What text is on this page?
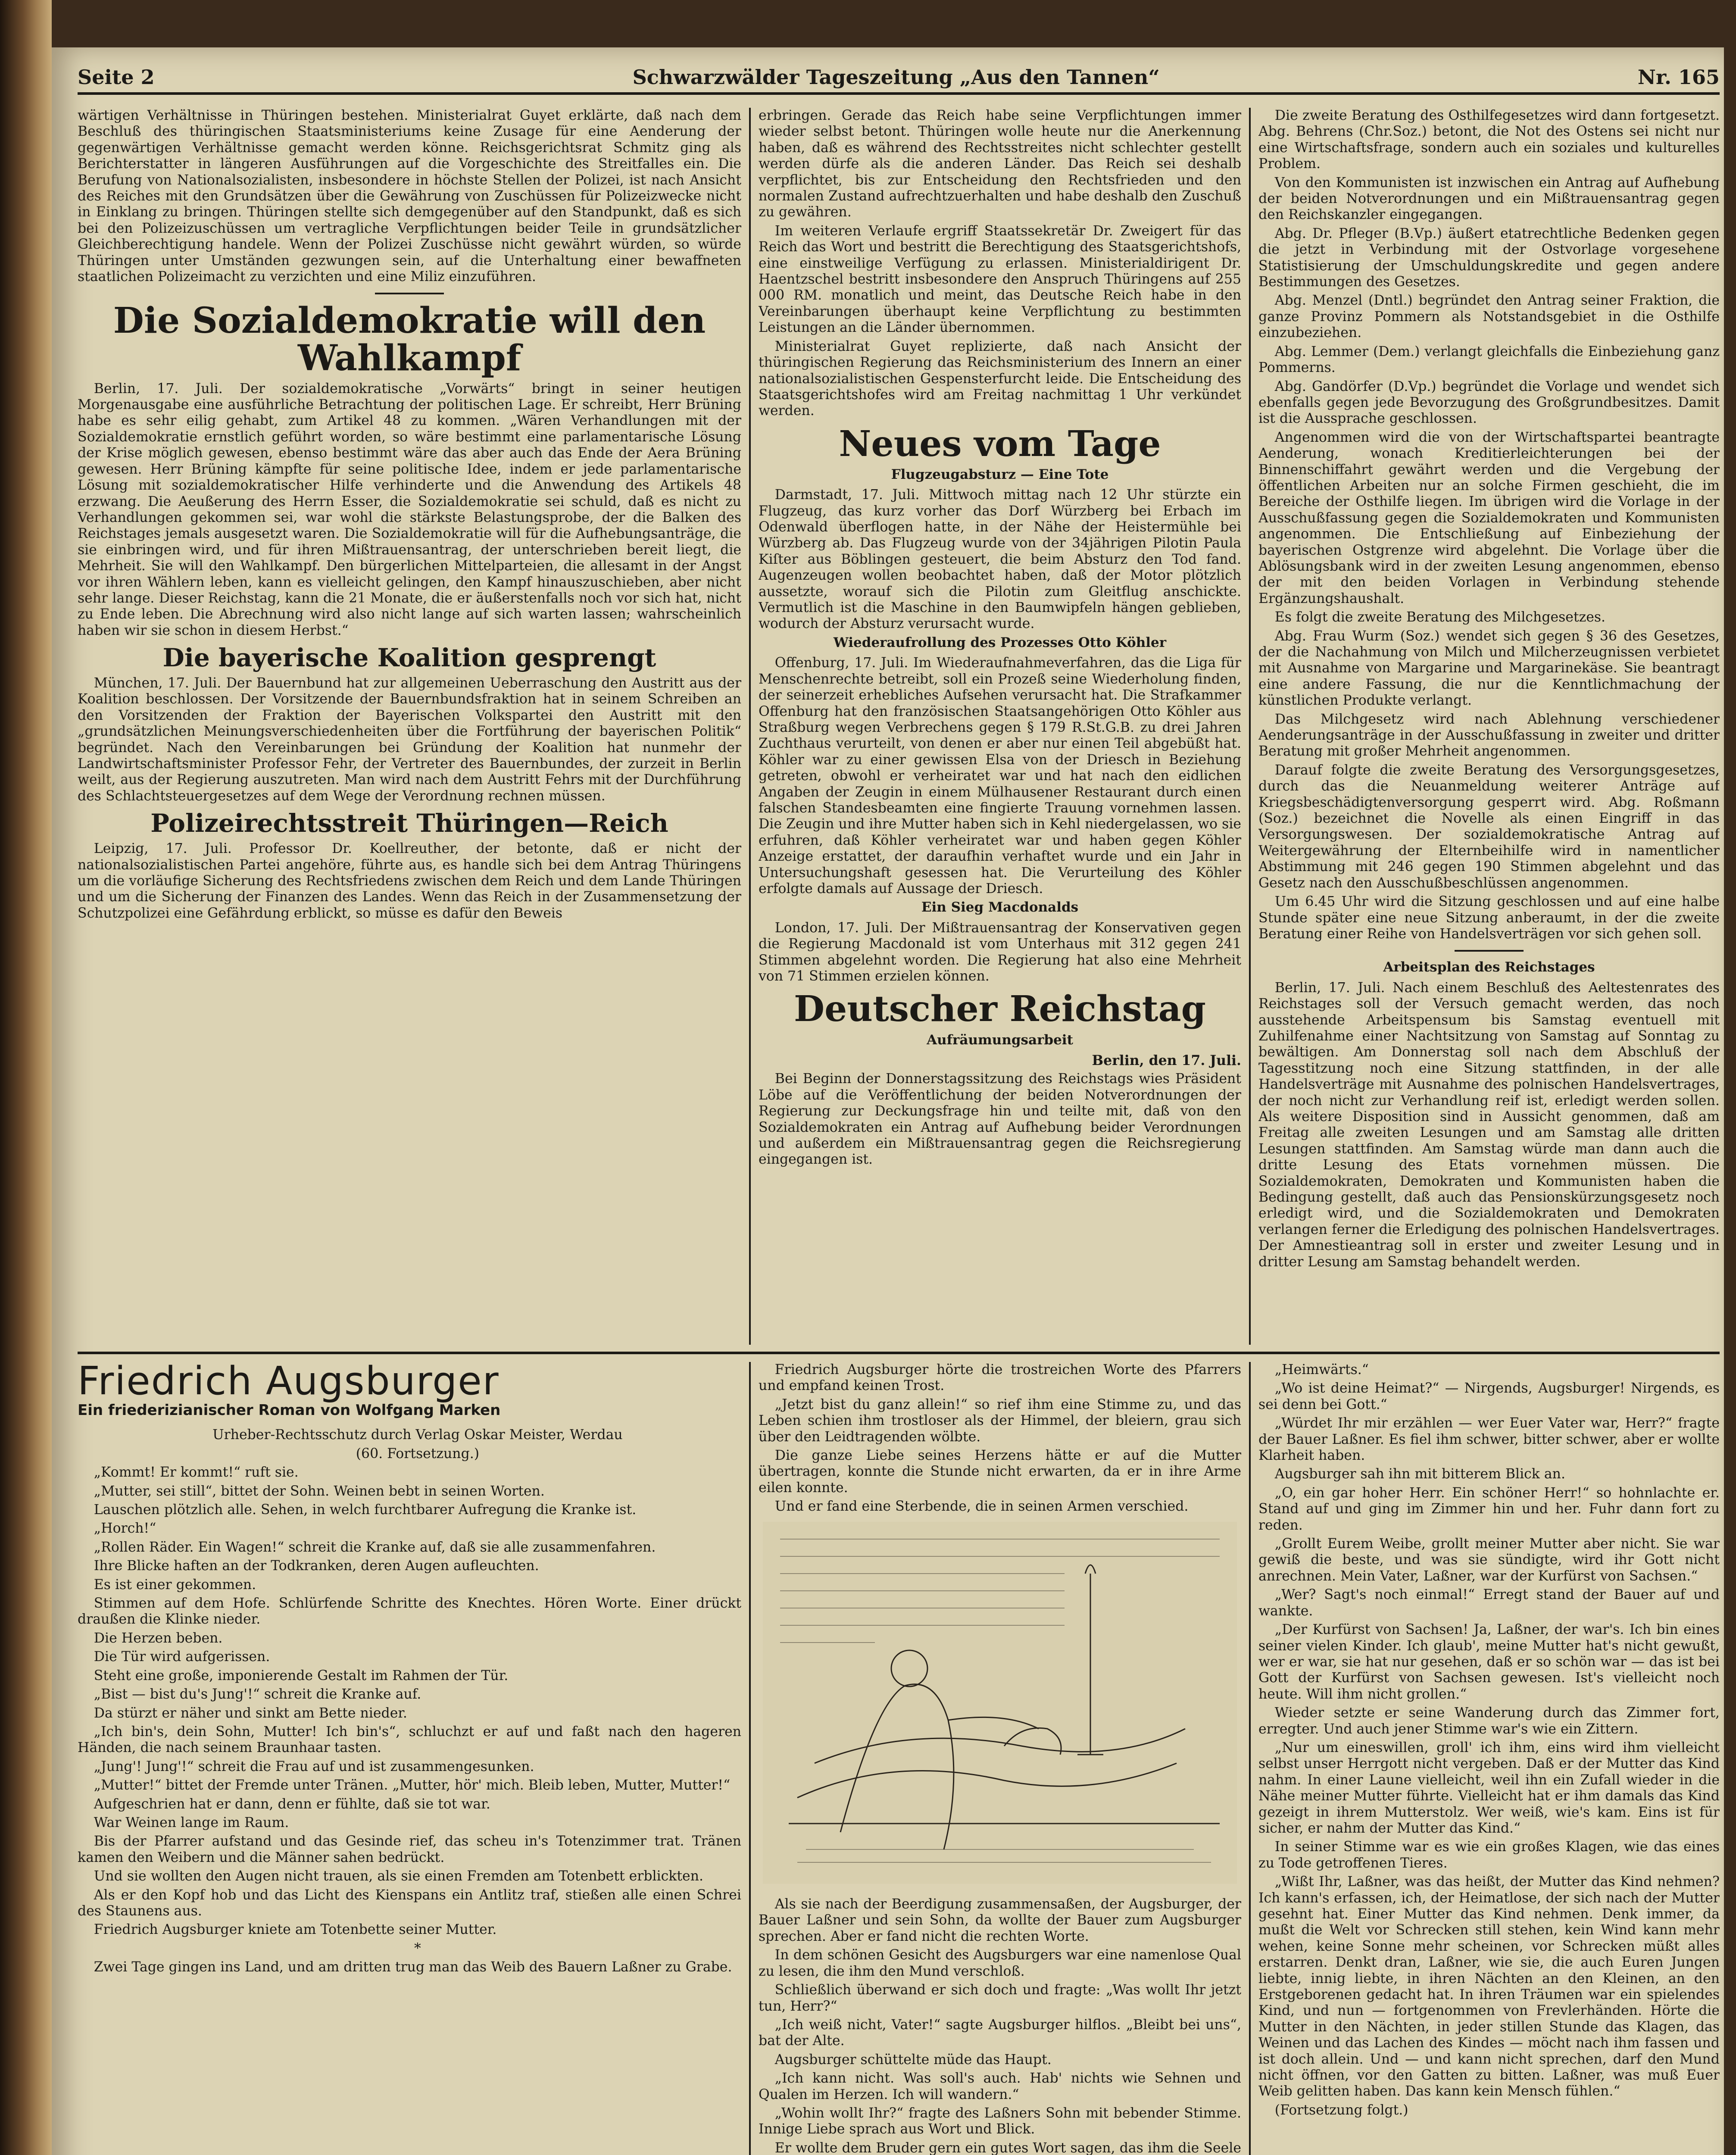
Seite 2	Schwarzwälder Tageszeitung „Aus den Tannen“	Nr. 165

wärtigen Verhältnisse in Thüringen bestehen. Ministerialrat Guyet erklärte, daß nach dem Beschluß des thüringischen Staatsministeriums keine Zusage für eine Aenderung der gegenwärtigen Verhältnisse gemacht werden könne. Reichsgerichtsrat Schmitz ging als Berichterstatter in längeren Ausführungen auf die Vorgeschichte des Streitfalles ein. Die Berufung von Nationalsozialisten, insbesondere in höchste Stellen der Polizei, ist nach Ansicht des Reiches mit den Grundsätzen über die Gewährung von Zuschüssen für Polizeizwecke nicht in Einklang zu bringen. Thüringen stellte sich demgegenüber auf den Standpunkt, daß es sich bei den Polizeizuschüssen um vertragliche Verpflichtungen beider Teile in grundsätzlicher Gleichberechtigung handele. Wenn der Polizei Zuschüsse nicht gewährt würden, so würde Thüringen unter Umständen gezwungen sein, auf die Unterhaltung einer bewaffneten staatlichen Polizeimacht zu verzichten und eine Miliz einzuführen.

Die Sozialdemokratie will den Wahlkampf

Berlin, 17. Juli. Der sozialdemokratische „Vorwärts“ bringt in seiner heutigen Morgenausgabe eine ausführliche Betrachtung der politischen Lage. Er schreibt, Herr Brüning habe es sehr eilig gehabt, zum Artikel 48 zu kommen. „Wären Verhandlungen mit der Sozialdemokratie ernstlich geführt worden, so wäre bestimmt eine parlamentarische Lösung der Krise möglich gewesen, ebenso bestimmt wäre das aber auch das Ende der Aera Brüning gewesen. Herr Brüning kämpfte für seine politische Idee, indem er jede parlamentarische Lösung mit sozialdemokratischer Hilfe verhinderte und die Anwendung des Artikels 48 erzwang. Die Aeußerung des Herrn Esser, die Sozialdemokratie sei schuld, daß es nicht zu Verhandlungen gekommen sei, war wohl die stärkste Belastungsprobe, der die Balken des Reichstages jemals ausgesetzt waren. Die Sozialdemokratie will für die Aufhebungsanträge, die sie einbringen wird, und für ihren Mißtrauensantrag, der unterschrieben bereit liegt, die Mehrheit. Sie will den Wahlkampf. Den bürgerlichen Mittelparteien, die allesamt in der Angst vor ihren Wählern leben, kann es vielleicht gelingen, den Kampf hinauszuschieben, aber nicht sehr lange. Dieser Reichstag, kann die 21 Monate, die er äußerstenfalls noch vor sich hat, nicht zu Ende leben. Die Abrechnung wird also nicht lange auf sich warten lassen; wahrscheinlich haben wir sie schon in diesem Herbst.“

Die bayerische Koalition gesprengt

München, 17. Juli. Der Bauernbund hat zur allgemeinen Ueberraschung den Austritt aus der Koalition beschlossen. Der Vorsitzende der Bauernbundsfraktion hat in seinem Schreiben an den Vorsitzenden der Fraktion der Bayerischen Volkspartei den Austritt mit den „grundsätzlichen Meinungsverschiedenheiten über die Fortführung der bayerischen Politik“ begründet. Nach den Vereinbarungen bei Gründung der Koalition hat nunmehr der Landwirtschaftsminister Professor Fehr, der Vertreter des Bauernbundes, der zurzeit in Berlin weilt, aus der Regierung auszutreten. Man wird nach dem Austritt Fehrs mit der Durchführung des Schlachtsteuergesetzes auf dem Wege der Verordnung rechnen müssen.

Polizeirechtsstreit Thüringen—Reich

Leipzig, 17. Juli. Professor Dr. Koellreuther, der betonte, daß er nicht der nationalsozialistischen Partei angehöre, führte aus, es handle sich bei dem Antrag Thüringens um die vorläufige Sicherung des Rechtsfriedens zwischen dem Reich und dem Lande Thüringen und um die Sicherung der Finanzen des Landes. Wenn das Reich in der Zusammensetzung der Schutzpolizei eine Gefährdung erblickt, so müsse es dafür den Beweis

erbringen. Gerade das Reich habe seine Verpflichtungen immer wieder selbst betont. Thüringen wolle heute nur die Anerkennung haben, daß es während des Rechtsstreites nicht schlechter gestellt werden dürfe als die anderen Länder. Das Reich sei deshalb verpflichtet, bis zur Entscheidung den Rechtsfrieden und den normalen Zustand aufrechtzuerhalten und habe deshalb den Zuschuß zu gewähren.

Im weiteren Verlaufe ergriff Staatssekretär Dr. Zweigert für das Reich das Wort und bestritt die Berechtigung des Staatsgerichtshofs, eine einstweilige Verfügung zu erlassen. Ministerialdirigent Dr. Haentzschel bestritt insbesondere den Anspruch Thüringens auf 255 000 RM. monatlich und meint, das Deutsche Reich habe in den Vereinbarungen überhaupt keine Verpflichtung zu bestimmten Leistungen an die Länder übernommen.

Ministerialrat Guyet replizierte, daß nach Ansicht der thüringischen Regierung das Reichsministerium des Innern an einer nationalsozialistischen Gespensterfurcht leide. Die Entscheidung des Staatsgerichtshofes wird am Freitag nachmittag 1 Uhr verkündet werden.

Neues vom Tage
Flugzeugabsturz — Eine Tote

Darmstadt, 17. Juli. Mittwoch mittag nach 12 Uhr stürzte ein Flugzeug, das kurz vorher das Dorf Würzberg bei Erbach im Odenwald überflogen hatte, in der Nähe der Heistermühle bei Würzberg ab. Das Flugzeug wurde von der 34jährigen Pilotin Paula Kiſter aus Böblingen gesteuert, die beim Absturz den Tod fand. Augenzeugen wollen beobachtet haben, daß der Motor plötzlich aussetzte, worauf sich die Pilotin zum Gleitflug anschickte. Vermutlich ist die Maschine in den Baumwipfeln hängen geblieben, wodurch der Absturz verursacht wurde.

Wiederaufrollung des Prozesses Otto Köhler

Offenburg, 17. Juli. Im Wiederaufnahmeverfahren, das die Liga für Menschenrechte betreibt, soll ein Prozeß seine Wiederholung finden, der seinerzeit erhebliches Aufsehen verursacht hat. Die Strafkammer Offenburg hat den französischen Staatsangehörigen Otto Köhler aus Straßburg wegen Verbrechens gegen § 179 R.St.G.B. zu drei Jahren Zuchthaus verurteilt, von denen er aber nur einen Teil abgebüßt hat. Köhler war zu einer gewissen Elsa von der Driesch in Beziehung getreten, obwohl er verheiratet war und hat nach den eidlichen Angaben der Zeugin in einem Mülhausener Restaurant durch einen falschen Standesbeamten eine fingierte Trauung vornehmen lassen. Die Zeugin und ihre Mutter haben sich in Kehl niedergelassen, wo sie erfuhren, daß Köhler verheiratet war und haben gegen Köhler Anzeige erstattet, der daraufhin verhaftet wurde und ein Jahr in Untersuchungshaft gesessen hat. Die Verurteilung des Köhler erfolgte damals auf Aussage der Driesch.

Ein Sieg Macdonalds

London, 17. Juli. Der Mißtrauensantrag der Konservativen gegen die Regierung Macdonald ist vom Unterhaus mit 312 gegen 241 Stimmen abgelehnt worden. Die Regierung hat also eine Mehrheit von 71 Stimmen erzielen können.

Deutscher Reichstag
Aufräumungsarbeit

Berlin, den 17. Juli.

Bei Beginn der Donnerstagssitzung des Reichstags wies Präsident Löbe auf die Veröffentlichung der beiden Notverordnungen der Regierung zur Deckungsfrage hin und teilte mit, daß von den Sozialdemokraten ein Antrag auf Aufhebung beider Verordnungen und außerdem ein Mißtrauensantrag gegen die Reichsregierung eingegangen ist.

Die zweite Beratung des Osthilfegesetzes wird dann fortgesetzt. Abg. Behrens (Chr.Soz.) betont, die Not des Ostens sei nicht nur eine Wirtschaftsfrage, sondern auch ein soziales und kulturelles Problem.

Von den Kommunisten ist inzwischen ein Antrag auf Aufhebung der beiden Notverordnungen und ein Mißtrauensantrag gegen den Reichskanzler eingegangen.

Abg. Dr. Pfleger (B.Vp.) äußert etatrechtliche Bedenken gegen die jetzt in Verbindung mit der Ostvorlage vorgesehene Statistisierung der Umschuldungskredite und gegen andere Bestimmungen des Gesetzes.

Abg. Menzel (Dntl.) begründet den Antrag seiner Fraktion, die ganze Provinz Pommern als Notstandsgebiet in die Osthilfe einzubeziehen.

Abg. Lemmer (Dem.) verlangt gleichfalls die Einbeziehung ganz Pommerns.

Abg. Gandörfer (D.Vp.) begründet die Vorlage und wendet sich ebenfalls gegen jede Bevorzugung des Großgrundbesitzes. Damit ist die Aussprache geschlossen.

Angenommen wird die von der Wirtschaftspartei beantragte Aenderung, wonach Kreditierleichterungen bei der Binnenschiffahrt gewährt werden und die Vergebung der öffentlichen Arbeiten nur an solche Firmen geschieht, die im Bereiche der Osthilfe liegen. Im übrigen wird die Vorlage in der Ausschußfassung gegen die Sozialdemokraten und Kommunisten angenommen. Die Entschließung auf Einbeziehung der bayerischen Ostgrenze wird abgelehnt. Die Vorlage über die Ablösungsbank wird in der zweiten Lesung angenommen, ebenso der mit den beiden Vorlagen in Verbindung stehende Ergänzungshaushalt.

Es folgt die zweite Beratung des Milchgesetzes.

Abg. Frau Wurm (Soz.) wendet sich gegen § 36 des Gesetzes, der die Nachahmung von Milch und Milcherzeugnissen verbietet mit Ausnahme von Margarine und Margarinekäse. Sie beantragt eine andere Fassung, die nur die Kenntlichmachung der künstlichen Produkte verlangt.

Das Milchgesetz wird nach Ablehnung verschiedener Aenderungsanträge in der Ausschußfassung in zweiter und dritter Beratung mit großer Mehrheit angenommen.

Darauf folgte die zweite Beratung des Versorgungsgesetzes, durch das die Neuanmeldung weiterer Anträge auf Kriegsbeschädigtenversorgung gesperrt wird. Abg. Roßmann (Soz.) bezeichnet die Novelle als einen Eingriff in das Versorgungswesen. Der sozialdemokratische Antrag auf Weitergewährung der Elternbeihilfe wird in namentlicher Abstimmung mit 246 gegen 190 Stimmen abgelehnt und das Gesetz nach den Ausschußbeschlüssen angenommen.

Um 6.45 Uhr wird die Sitzung geschlossen und auf eine halbe Stunde später eine neue Sitzung anberaumt, in der die zweite Beratung einer Reihe von Handelsverträgen vor sich gehen soll.

Arbeitsplan des Reichstages

Berlin, 17. Juli. Nach einem Beschluß des Aeltestenrates des Reichstages soll der Versuch gemacht werden, das noch ausstehende Arbeitspensum bis Samstag eventuell mit Zuhilfenahme einer Nachtsitzung von Samstag auf Sonntag zu bewältigen. Am Donnerstag soll nach dem Abschluß der Tagesstitzung noch eine Sitzung stattfinden, in der alle Handelsverträge mit Ausnahme des polnischen Handelsvertrages, der noch nicht zur Verhandlung reif ist, erledigt werden sollen. Als weitere Disposition sind in Aussicht genommen, daß am Freitag alle zweiten Lesungen und am Samstag alle dritten Lesungen stattfinden. Am Samstag würde man dann auch die dritte Lesung des Etats vornehmen müssen. Die Sozialdemokraten, Demokraten und Kommunisten haben die Bedingung gestellt, daß auch das Pensionskürzungsgesetz noch erledigt wird, und die Sozialdemokraten und Demokraten verlangen ferner die Erledigung des polnischen Handelsvertrages. Der Amnestieantrag soll in erster und zweiter Lesung und in dritter Lesung am Samstag behandelt werden.

Friedrich Augsburger
Ein friederizianischer Roman von Wolfgang Marken

Urheber-Rechtsschutz durch Verlag Oskar Meister, Werdau

(60. Fortsetzung.)

„Kommt! Er kommt!“ ruft sie.

„Mutter, sei still“, bittet der Sohn. Weinen bebt in seinen Worten.

Lauschen plötzlich alle. Sehen, in welch furchtbarer Aufregung die Kranke ist.

„Horch!“

„Rollen Räder. Ein Wagen!“ schreit die Kranke auf, daß sie alle zusammenfahren.

Ihre Blicke haften an der Todkranken, deren Augen aufleuchten.

Es ist einer gekommen.

Stimmen auf dem Hofe. Schlürfende Schritte des Knechtes. Hören Worte. Einer drückt draußen die Klinke nieder.

Die Herzen beben.

Die Tür wird aufgerissen.

Steht eine große, imponierende Gestalt im Rahmen der Tür.

„Bist — bist du's Jung'!“ schreit die Kranke auf.

Da stürzt er näher und sinkt am Bette nieder.

„Ich bin's, dein Sohn, Mutter! Ich bin's“, schluchzt er auf und faßt nach den hageren Händen, die nach seinem Braunhaar tasten.

„Jung'! Jung'!“ schreit die Frau auf und ist zusammengesunken.

„Mutter!“ bittet der Fremde unter Tränen. „Mutter, hör' mich. Bleib leben, Mutter, Mutter!“

Aufgeschrien hat er dann, denn er fühlte, daß sie tot war.

War Weinen lange im Raum.

Bis der Pfarrer aufstand und das Gesinde rief, das scheu in's Totenzimmer trat. Tränen kamen den Weibern und die Männer sahen bedrückt.

Und sie wollten den Augen nicht trauen, als sie einen Fremden am Totenbett erblickten.

Als er den Kopf hob und das Licht des Kienspans ein Antlitz traf, stießen alle einen Schrei des Staunens aus.

Friedrich Augsburger kniete am Totenbette seiner Mutter.

*

Zwei Tage gingen ins Land, und am dritten trug man das Weib des Bauern Laßner zu Grabe.

Friedrich Augsburger hörte die trostreichen Worte des Pfarrers und empfand keinen Trost.

„Jetzt bist du ganz allein!“ so rief ihm eine Stimme zu, und das Leben schien ihm trostloser als der Himmel, der bleiern, grau sich über den Leidtragenden wölbte.

Die ganze Liebe seines Herzens hätte er auf die Mutter übertragen, konnte die Stunde nicht erwarten, da er in ihre Arme eilen konnte.

Und er fand eine Sterbende, die in seinen Armen verschied.

Als sie nach der Beerdigung zusammensaßen, der Augsburger, der Bauer Laßner und sein Sohn, da wollte der Bauer zum Augsburger sprechen. Aber er fand nicht die rechten Worte.

In dem schönen Gesicht des Augsburgers war eine namenlose Qual zu lesen, die ihm den Mund verschloß.

Schließlich überwand er sich doch und fragte: „Was wollt Ihr jetzt tun, Herr?“

„Ich weiß nicht, Vater!“ sagte Augsburger hilflos. „Bleibt bei uns“, bat der Alte.

Augsburger schüttelte müde das Haupt.

„Ich kann nicht. Was soll's auch. Hab' nichts wie Sehnen und Qualen im Herzen. Ich will wandern.“

„Wohin wollt Ihr?“ fragte des Laßners Sohn mit bebender Stimme. Innige Liebe sprach aus Wort und Blick.

Er wollte dem Bruder gern ein gutes Wort sagen, das ihm die Seele

„Heimwärts.“

„Wo ist deine Heimat?“ — Nirgends, Augsburger! Nirgends, es sei denn bei Gott.“

„Würdet Ihr mir erzählen — wer Euer Vater war, Herr?“ fragte der Bauer Laßner. Es fiel ihm schwer, bitter schwer, aber er wollte Klarheit haben.

Augsburger sah ihn mit bitterem Blick an.

„O, ein gar hoher Herr. Ein schöner Herr!“ so hohnlachte er. Stand auf und ging im Zimmer hin und her. Fuhr dann fort zu reden.

„Grollt Eurem Weibe, grollt meiner Mutter aber nicht. Sie war gewiß die beste, und was sie sündigte, wird ihr Gott nicht anrechnen. Mein Vater, Laßner, war der Kurfürst von Sachsen.“

„Wer? Sagt's noch einmal!“ Erregt stand der Bauer auf und wankte.

„Der Kurfürst von Sachsen! Ja, Laßner, der war's. Ich bin eines seiner vielen Kinder. Ich glaub', meine Mutter hat's nicht gewußt, wer er war, sie hat nur gesehen, daß er so schön war — das ist bei Gott der Kurfürst von Sachsen gewesen. Ist's vielleicht noch heute. Will ihm nicht grollen.“

Wieder setzte er seine Wanderung durch das Zimmer fort, erregter. Und auch jener Stimme war's wie ein Zittern.

„Nur um eineswillen, groll' ich ihm, eins wird ihm vielleicht selbst unser Herrgott nicht vergeben. Daß er der Mutter das Kind nahm. In einer Laune vielleicht, weil ihn ein Zufall wieder in die Nähe meiner Mutter führte. Vielleicht hat er ihm damals das Kind gezeigt in ihrem Mutterstolz. Wer weiß, wie's kam. Eins ist für sicher, er nahm der Mutter das Kind.“

In seiner Stimme war es wie ein großes Klagen, wie das eines zu Tode getroffenen Tieres.

„Wißt Ihr, Laßner, was das heißt, der Mutter das Kind nehmen? Ich kann's erfassen, ich, der Heimatlose, der sich nach der Mutter gesehnt hat. Einer Mutter das Kind nehmen. Denk immer, da mußt die Welt vor Schrecken still stehen, kein Wind kann mehr wehen, keine Sonne mehr scheinen, vor Schrecken müßt alles erstarren. Denkt dran, Laßner, wie sie, die auch Euren Jungen liebte, innig liebte, in ihren Nächten an den Kleinen, an den Erstgeborenen gedacht hat. In ihren Träumen war ein spielendes Kind, und nun — fortgenommen von Frevlerhänden. Hörte die Mutter in den Nächten, in jeder stillen Stunde das Klagen, das Weinen und das Lachen des Kindes — möcht nach ihm fassen und ist doch allein. Und — und kann nicht sprechen, darf den Mund nicht öffnen, vor den Gatten zu bitten. Laßner, was muß Euer Weib gelitten haben. Das kann kein Mensch fühlen.“

(Fortsetzung folgt.)
